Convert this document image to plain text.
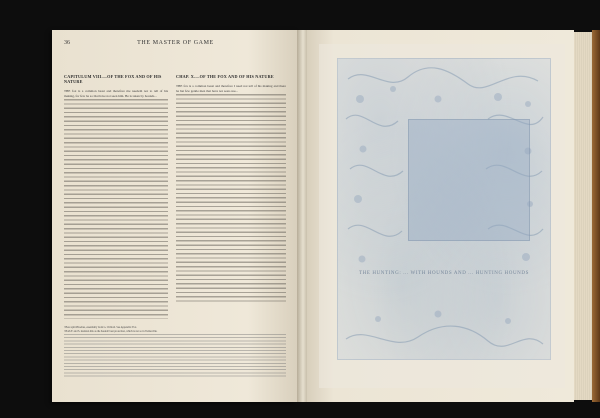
36	THE MASTER OF GAME
CAPITULUM VIII.—OF THE FOX AND OF HIS NATURE

THE fox is a common beast and therefore me needeth not to tell of his making, for few be so that have not seen him. He is taken by hounds...

CHAP. X.—OF THE FOX AND OF HIS NATURE

THE fox is a common beast and therefore I need not tell of his making and there be but few gentle men that have not seen one...

¹ Here split Phoebus, essentially from G. Clifford. See Appendix: Fox.
² Both F. and S. mention this as the hounds' best protection, which is not so in Turberville.
THE HUNTING: ... WITH HOUNDS AND ... HUNTING HOUNDS
